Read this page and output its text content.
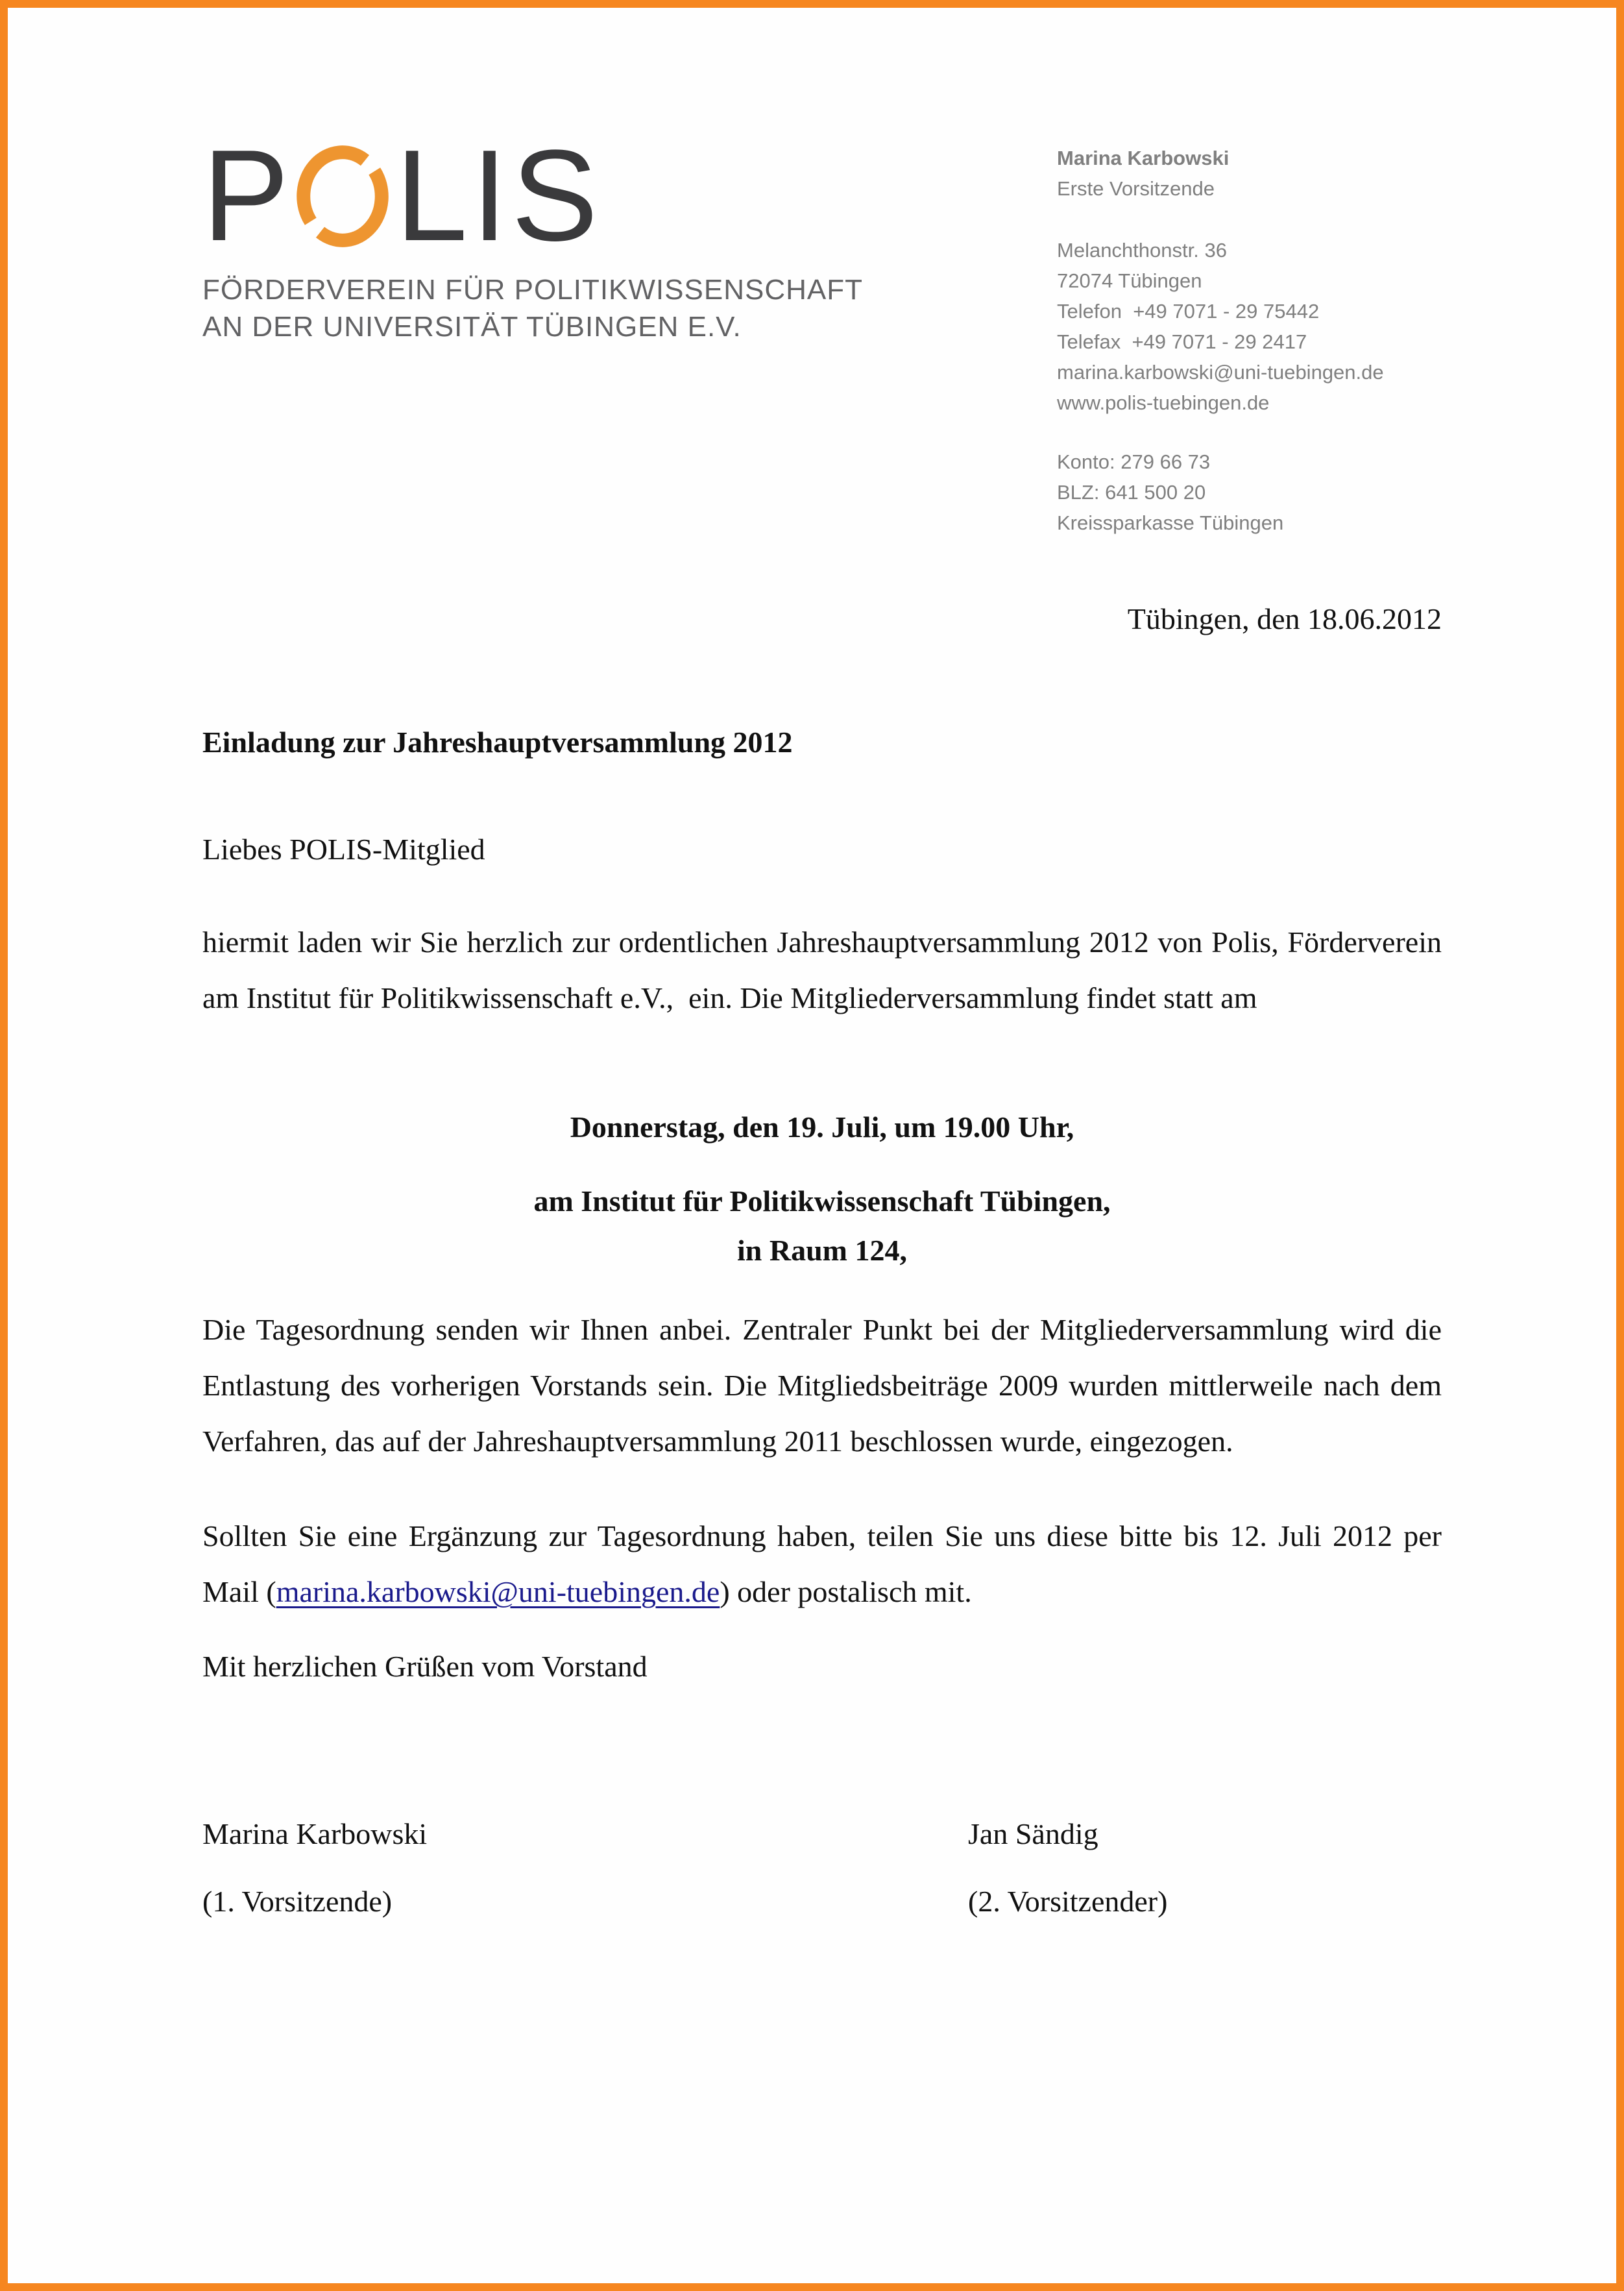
P LIS
FÖRDERVEREIN FÜR POLITIKWISSENSCHAFT
AN DER UNIVERSITÄT TÜBINGEN E.V.
Marina Karbowski
Erste Vorsitzende
Melanchthonstr. 36
72074 Tübingen
Telefon  +49 7071 - 29 75442
Telefax  +49 7071 - 29 2417
marina.karbowski@uni-tuebingen.de
www.polis-tuebingen.de
Konto: 279 66 73
BLZ: 641 500 20
Kreissparkasse Tübingen
Tübingen, den 18.06.2012
Einladung zur Jahreshauptversammlung 2012
Liebes POLIS-Mitglied
hiermit laden wir Sie herzlich zur ordentlichen Jahreshauptversammlung 2012 von Polis, Förderverein am Institut für Politikwissenschaft e.V.,  ein. Die Mitgliederversammlung findet statt am
Donnerstag, den 19. Juli, um 19.00 Uhr,
am Institut für Politikwissenschaft Tübingen,
in Raum 124,
Die Tagesordnung senden wir Ihnen anbei. Zentraler Punkt bei der Mitgliederversammlung wird die Entlastung des vorherigen Vorstands sein. Die Mitgliedsbeiträge 2009 wurden mittlerweile nach dem Verfahren, das auf der Jahreshauptversammlung 2011 beschlossen wurde, eingezogen.
Sollten Sie eine Ergänzung zur Tagesordnung haben, teilen Sie uns diese bitte bis 12. Juli 2012 per Mail (marina.karbowski@uni-tuebingen.de) oder postalisch mit.
Mit herzlichen Grüßen vom Vorstand
Marina Karbowski
(1. Vorsitzende)
Jan Sändig
(2. Vorsitzender)
